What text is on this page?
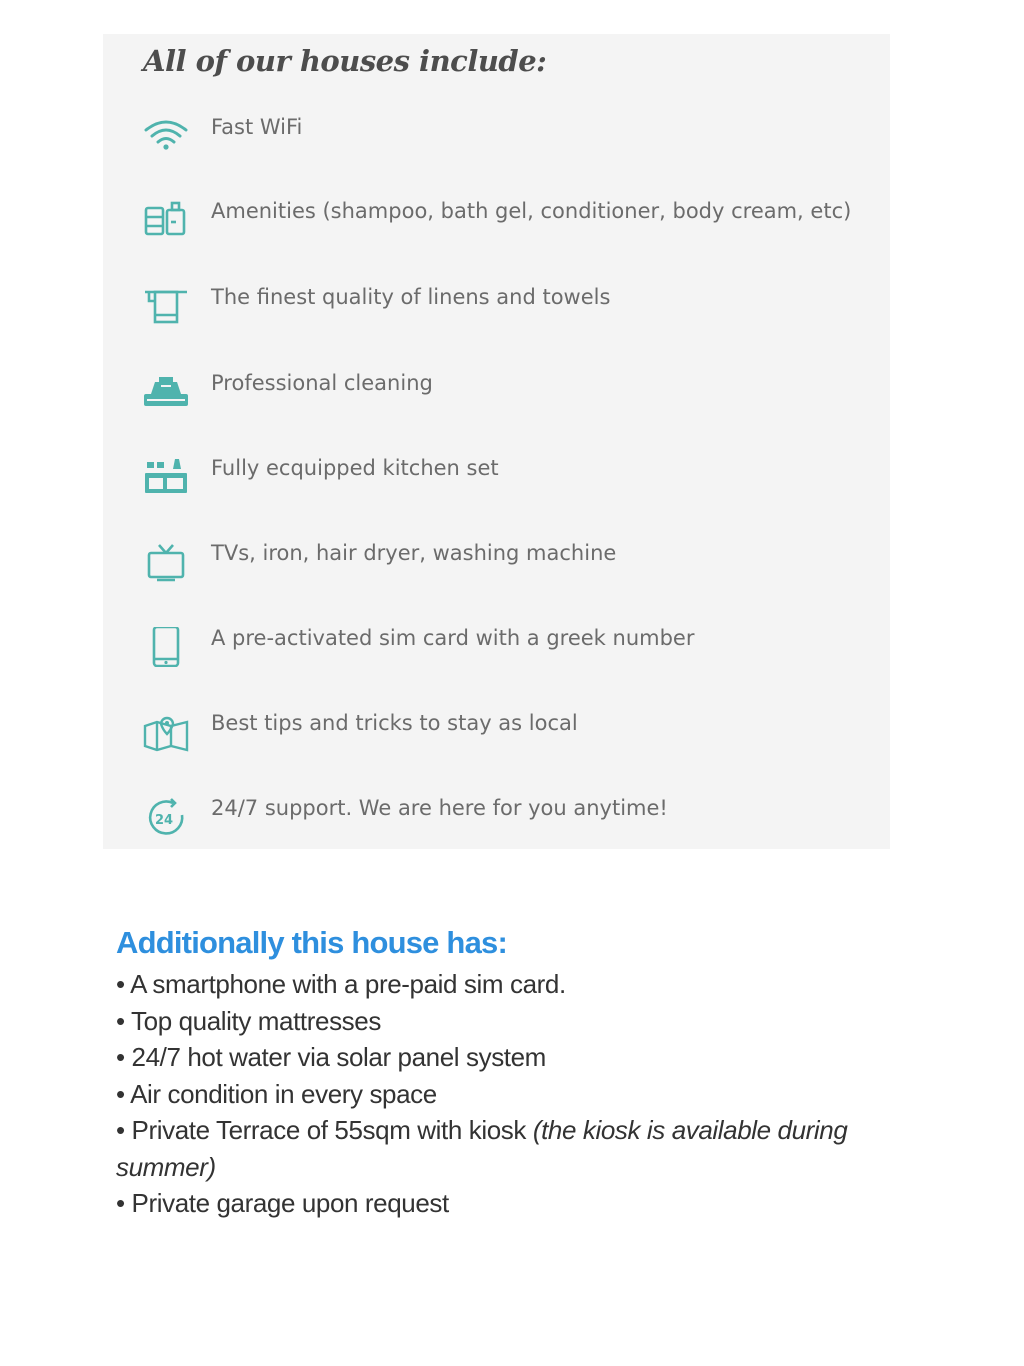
All of our houses include:
Fast WiFi
Amenities (shampoo, bath gel, conditioner, body cream, etc)
The finest quality of linens and towels
Professional cleaning
Fully ecquipped kitchen set
TVs, iron, hair dryer, washing machine
A pre-activated sim card with a greek number
Best tips and tricks to stay as local
24
24/7 support. We are here for you anytime!
Additionally this house has:
• A smartphone with a pre-paid sim card.
• Top quality mattresses
• 24/7 hot water via solar panel system
• Air condition in every space
• Private Terrace of 55sqm with kiosk (the kiosk is available during summer)
• Private garage upon request
